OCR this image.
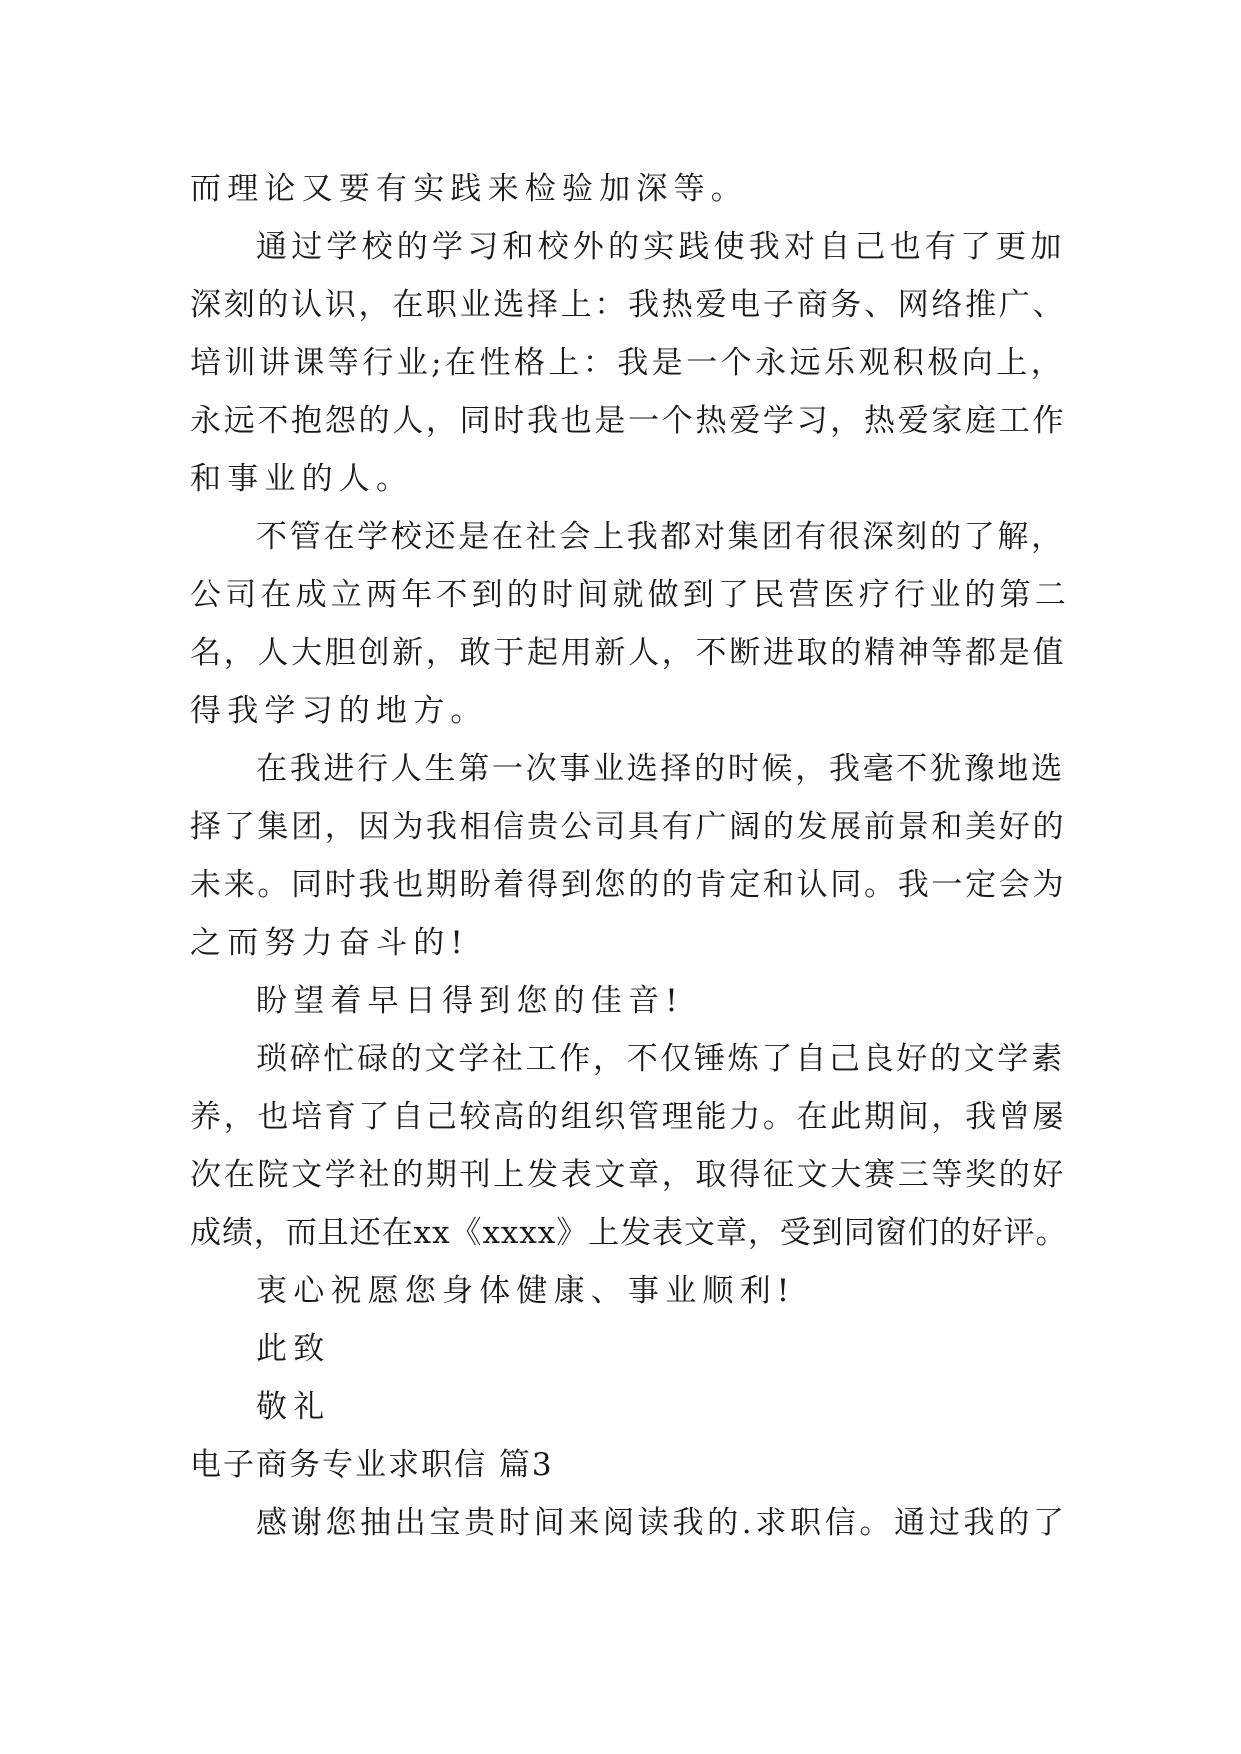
而理论又要有实践来检验加深等。
通过学校的学习和校外的实践使我对自己也有了更加
深刻的认识，在职业选择上：我热爱电子商务、网络推广、
培训讲课等行业;在性格上：我是一个永远乐观积极向上，
永远不抱怨的人，同时我也是一个热爱学习，热爱家庭工作
和事业的人。
不管在学校还是在社会上我都对集团有很深刻的了解，
公司在成立两年不到的时间就做到了民营医疗行业的第二
名，人大胆创新，敢于起用新人，不断进取的精神等都是值
得我学习的地方。
在我进行人生第一次事业选择的时候，我毫不犹豫地选
择了集团，因为我相信贵公司具有广阔的发展前景和美好的
未来。同时我也期盼着得到您的的肯定和认同。我一定会为
之而努力奋斗的!
盼望着早日得到您的佳音!
琐碎忙碌的文学社工作，不仅锤炼了自己良好的文学素
养，也培育了自己较高的组织管理能力。在此期间，我曾屡
次在院文学社的期刊上发表文章，取得征文大赛三等奖的好
成绩，而且还在xx《xxxx》上发表文章，受到同窗们的好评。
衷心祝愿您身体健康、事业顺利!
此致
敬礼
电子商务专业求职信 篇3
感谢您抽出宝贵时间来阅读我的.求职信。通过我的了
